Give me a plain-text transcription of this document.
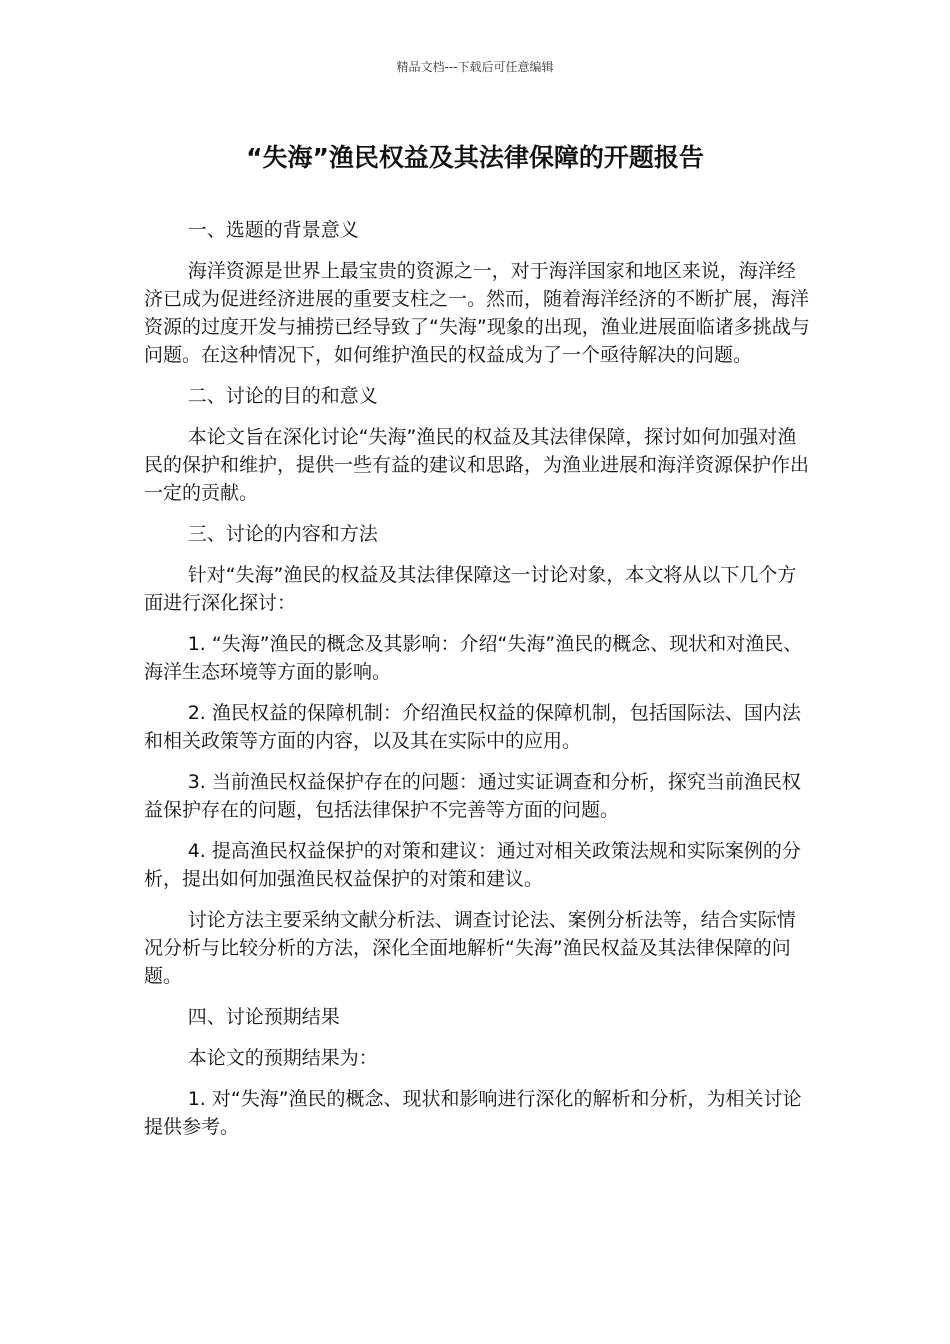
精品文档---下载后可任意编辑
“失海”渔民权益及其法律保障的开题报告

一、选题的背景意义

海洋资源是世界上最宝贵的资源之一，对于海洋国家和地区来说，海洋经济已成为促进经济进展的重要支柱之一。然而，随着海洋经济的不断扩展，海洋资源的过度开发与捕捞已经导致了“失海”现象的出现，渔业进展面临诸多挑战与问题。在这种情况下，如何维护渔民的权益成为了一个亟待解决的问题。

二、讨论的目的和意义

本论文旨在深化讨论“失海”渔民的权益及其法律保障，探讨如何加强对渔民的保护和维护，提供一些有益的建议和思路，为渔业进展和海洋资源保护作出一定的贡献。

三、讨论的内容和方法

针对“失海”渔民的权益及其法律保障这一讨论对象，本文将从以下几个方面进行深化探讨：

1. “失海”渔民的概念及其影响：介绍“失海”渔民的概念、现状和对渔民、海洋生态环境等方面的影响。

2. 渔民权益的保障机制：介绍渔民权益的保障机制，包括国际法、国内法和相关政策等方面的内容，以及其在实际中的应用。

3. 当前渔民权益保护存在的问题：通过实证调查和分析，探究当前渔民权益保护存在的问题，包括法律保护不完善等方面的问题。

4. 提高渔民权益保护的对策和建议：通过对相关政策法规和实际案例的分析，提出如何加强渔民权益保护的对策和建议。

讨论方法主要采纳文献分析法、调查讨论法、案例分析法等，结合实际情况分析与比较分析的方法，深化全面地解析“失海”渔民权益及其法律保障的问题。

四、讨论预期结果

本论文的预期结果为：

1. 对“失海”渔民的概念、现状和影响进行深化的解析和分析，为相关讨论提供参考。
